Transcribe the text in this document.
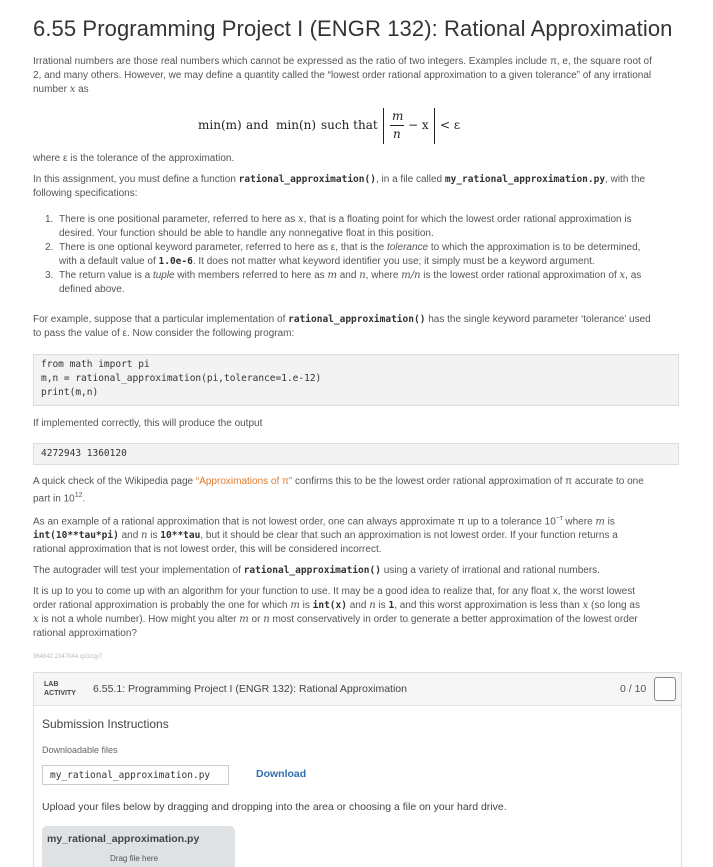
6.55 Programming Project I (ENGR 132): Rational Approximation
Irrational numbers are those real numbers which cannot be expressed as the ratio of two integers. Examples include π, e, the square root of
2, and many others. However, we may define a quantity called the “lowest order rational approximation to a given tolerance” of any irrational
number x as
min(m) and min(n) such that
m
n
− x < ε
where ε is the tolerance of the approximation.
In this assignment, you must define a function rational_approximation(), in a file called my_rational_approximation.py, with the
following specifications:
1. There is one positional parameter, referred to here as x, that is a floating point for which the lowest order rational approximation is
desired. Your function should be able to handle any nonnegative float in this position.
2. There is one optional keyword parameter, referred to here as ε, that is the tolerance to which the approximation is to be determined,
with a default value of 1.0e-6. It does not matter what keyword identifier you use; it simply must be a keyword argument.
3. The return value is a tuple with members referred to here as m and n, where m/n is the lowest order rational approximation of x, as
defined above.
For example, suppose that a particular implementation of rational_approximation() has the single keyword parameter ‘tolerance’ used
to pass the value of ε. Now consider the following program:
from math import pi
m,n = rational_approximation(pi,tolerance=1.e-12)
print(m,n)
If implemented correctly, this will produce the output
4272943 1360120
A quick check of the Wikipedia page “Approximations of π” confirms this to be the lowest order rational approximation of π accurate to one
part in $10^{12}$.
As an example of a rational approximation that is not lowest order, one can always approximate π up to a tolerance $10^{-\tau}$ where m is
int(10**tau*pi) and n is 10**tau, but it should be clear that such an approximation is not lowest order. If your function returns a
rational approximation that is not lowest order, this will be considered incorrect.
The autograder will test your implementation of rational_approximation() using a variety of irrational and rational numbers.
It is up to you to come up with an algorithm for your function to use. It may be a good idea to realize that, for any float x, the worst lowest
order rational approximation is probably the one for which m is int(x) and n is 1, and this worst approximation is less than x (so long as
x is not a whole number). How might you alter m or n most conservatively in order to generate a better approximation of the lowest order
rational approximation?
364842.2347044.qx3zqy7
LAB
ACTIVITY 6.55.1: Programming Project I (ENGR 132): Rational Approximation	0 / 10
Submission Instructions
Downloadable files
my_rational_approximation.py	Download
Upload your files below by dragging and dropping into the area or choosing a file on your hard drive.
my_rational_approximation.py
Drag file here
